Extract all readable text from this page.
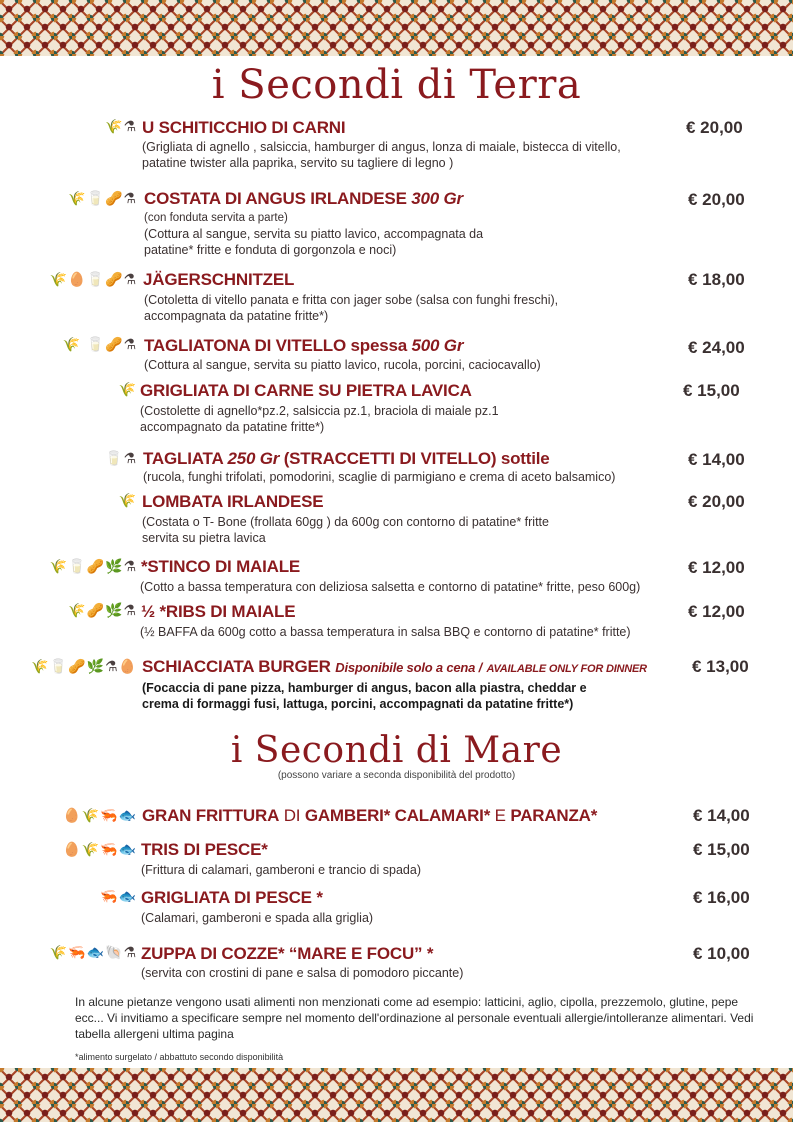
i Secondi di Terra
🌾⚗ U SCHITICCHIO DI CARNI	€ 20,00
(Grigliata di agnello , salsiccia, hamburger di angus, lonza di maiale, bistecca di vitello,
patatine twister alla paprika, servito su tagliere di legno )
🌾🥛🥜⚗ COSTATA DI ANGUS IRLANDESE 300 Gr	€ 20,00
(con fonduta servita a parte)
(Cottura al sangue, servita su piatto lavico, accompagnata da
patatine* fritte e fonduta di gorgonzola e noci)
🌾🥚🥛🥜⚗ JÄGERSCHNITZEL	€ 18,00
(Cotoletta di vitello panata e fritta con jager sobe (salsa con funghi freschi),
accompagnata da patatine fritte*)
🌾 🥛🥜⚗ TAGLIATONA DI VITELLO spessa 500 Gr	€ 24,00
(Cottura al sangue, servita su piatto lavico, rucola, porcini, caciocavallo)
🌾 GRIGLIATA DI CARNE SU PIETRA LAVICA	€ 15,00
(Costolette di agnello*pz.2, salsiccia pz.1, braciola di maiale pz.1
accompagnato da patatine fritte*)
🥛⚗ TAGLIATA 250 Gr (STRACCETTI DI VITELLO) sottile	€ 14,00
(rucola, funghi trifolati, pomodorini, scaglie di parmigiano e crema di aceto balsamico)
🌾 LOMBATA IRLANDESE	€ 20,00
(Costata o T- Bone (frollata 60gg ) da 600g con contorno di patatine* fritte
servita su pietra lavica
🌾🥛🥜🌿⚗ *STINCO DI MAIALE	€ 12,00
(Cotto a bassa temperatura con deliziosa salsetta e contorno di patatine* fritte, peso 600g)
🌾🥜🌿⚗ ½ *RIBS DI MAIALE	€ 12,00
(½ BAFFA da 600g cotto a bassa temperatura in salsa BBQ e contorno di patatine* fritte)
🌾🥛🥜🌿⚗🥚 SCHIACCIATA BURGER Disponibile solo a cena / AVAILABLE ONLY FOR DINNER	€ 13,00
(Focaccia di pane pizza, hamburger di angus, bacon alla piastra, cheddar e
crema di formaggi fusi, lattuga, porcini, accompagnati da patatine fritte*)
i Secondi di Mare
(possono variare a seconda disponibilità del prodotto)
🥚🌾🦐🐟 GRAN FRITTURA DI GAMBERI* CALAMARI* E PARANZA*	€ 14,00
🥚🌾🦐🐟 TRIS DI PESCE*	€ 15,00
(Frittura di calamari, gamberoni e trancio di spada)
🦐🐟 GRIGLIATA DI PESCE *	€ 16,00
(Calamari, gamberoni e spada alla griglia)
🌾🦐🐟🐚⚗ ZUPPA DI COZZE* “MARE E FOCU” *	€ 10,00
(servita con crostini di pane e salsa di pomodoro piccante)
In alcune pietanze vengono usati alimenti non menzionati come ad esempio: latticini, aglio, cipolla, prezzemolo, glutine, pepe ecc... Vi invitiamo a specificare sempre nel momento dell'ordinazione al personale eventuali allergie/intolleranze alimentari. Vedi tabella allergeni ultima pagina
*alimento surgelato / abbattuto secondo disponibilità
